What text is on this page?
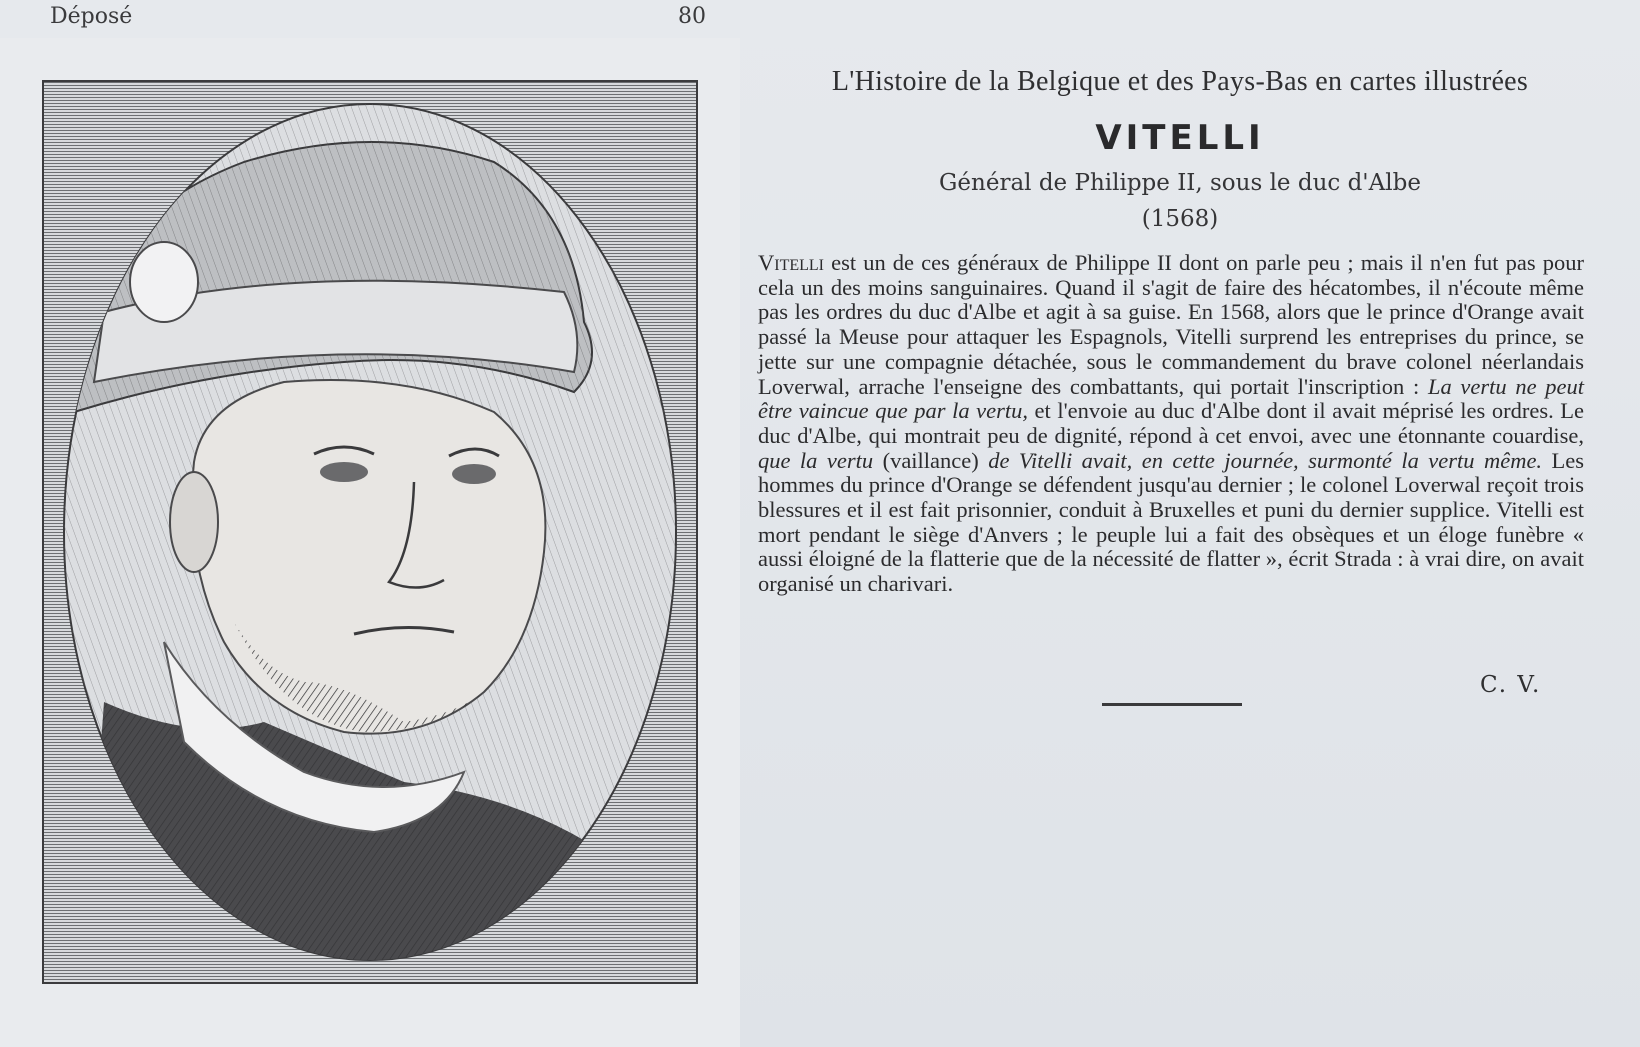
Déposé	80
L'Histoire de la Belgique et des Pays-Bas en cartes illustrées
VITELLI
Général de Philippe II, sous le duc d'Albe
(1568)
Vitelli est un de ces généraux de Philippe II dont on parle peu ; mais il n'en fut pas pour cela un des moins sanguinaires. Quand il s'agit de faire des hécatombes, il n'écoute même pas les ordres du duc d'Albe et agit à sa guise. En 1568, alors que le prince d'Orange avait passé la Meuse pour attaquer les Espagnols, Vitelli surprend les entreprises du prince, se jette sur une compagnie détachée, sous le commandement du brave colonel néerlandais Loverwal, arrache l'enseigne des combattants, qui portait l'inscription : La vertu ne peut être vaincue que par la vertu, et l'envoie au duc d'Albe dont il avait méprisé les ordres. Le duc d'Albe, qui montrait peu de dignité, répond à cet envoi, avec une étonnante couardise, que la vertu (vaillance) de Vitelli avait, en cette journée, surmonté la vertu même. Les hommes du prince d'Orange se défendent jusqu'au dernier ; le colonel Loverwal reçoit trois blessures et il est fait prisonnier, conduit à Bruxelles et puni du dernier supplice. Vitelli est mort pendant le siège d'Anvers ; le peuple lui a fait des obsèques et un éloge funèbre « aussi éloigné de la flatterie que de la nécessité de flatter », écrit Strada : à vrai dire, on avait organisé un charivari.
C. V.
